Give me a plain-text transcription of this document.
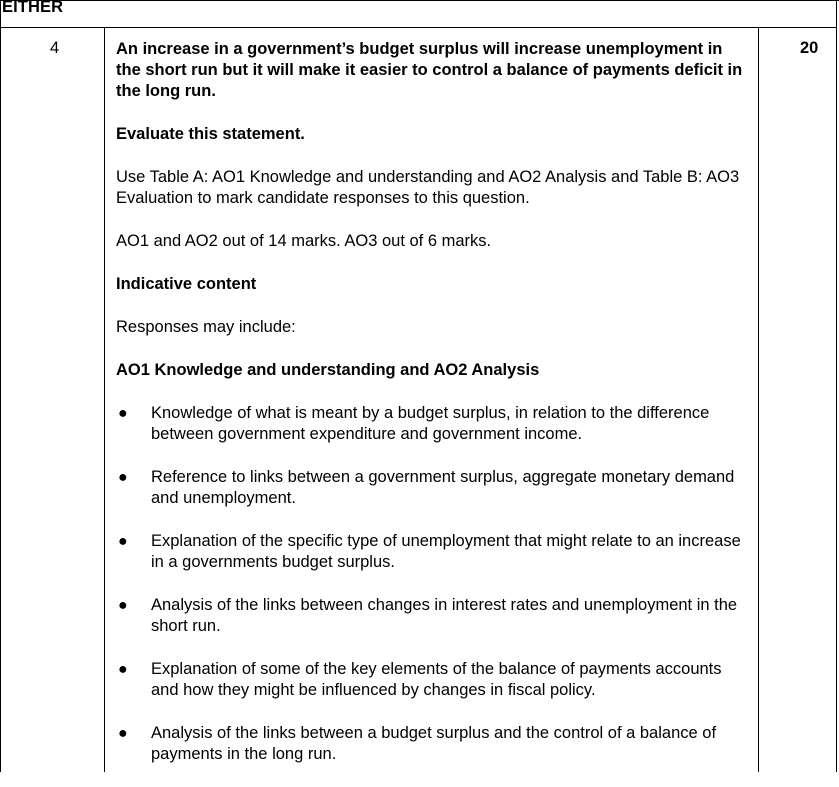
EITHER
4	20

An increase in a government’s budget surplus will increase unemployment in the short run but it will make it easier to control a balance of payments deficit in the long run.

Evaluate this statement.

Use Table A: AO1 Knowledge and understanding and AO2 Analysis and Table B: AO3 Evaluation to mark candidate responses to this question.

AO1 and AO2 out of 14 marks. AO3 out of 6 marks.

Indicative content

Responses may include:

AO1 Knowledge and understanding and AO2 Analysis

● Knowledge of what is meant by a budget surplus, in relation to the difference between government expenditure and government income.
● Reference to links between a government surplus, aggregate monetary demand and unemployment.
● Explanation of the specific type of unemployment that might relate to an increase in a governments budget surplus.
● Analysis of the links between changes in interest rates and unemployment in the short run.
● Explanation of some of the key elements of the balance of payments accounts and how they might be influenced by changes in fiscal policy.
● Analysis of the links between a budget surplus and the control of a balance of payments in the long run.
